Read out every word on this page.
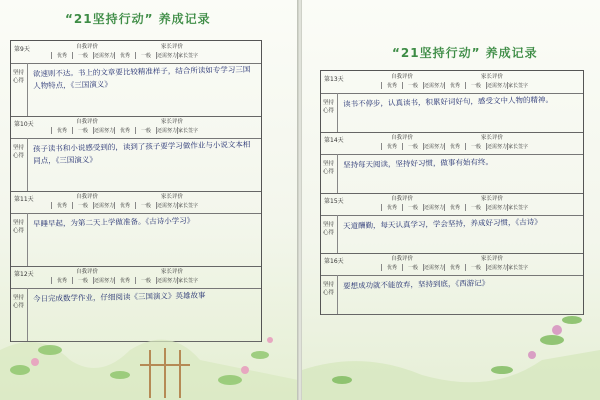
“21坚持行动” 养成记录
第9天	自我评价	家长评价
优秀	一般	还需努力	优秀	一般	还需努力 家长签字
坚持心得
欲速则不达。书上的文章要比较精准样子，结合所读如专学习三国人物特点，《三国演义》
第10天	自我评价	家长评价
优秀	一般	还需努力	优秀	一般	还需努力 家长签字
坚持心得
孩子读书和小说感受到的，读到了孩子要学习做作业与小说文本相同点，《三国演义》
第11天	自我评价	家长评价
优秀	一般	还需努力	优秀	一般	还需努力 家长签字
坚持心得
早睡早起，为第二天上学做准备。《古诗小学习》
第12天	自我评价	家长评价
优秀	一般	还需努力	优秀	一般	还需努力 家长签字
坚持心得
今日完成数学作业，仔细阅读《三国演义》英雄故事
“21坚持行动” 养成记录
第13天	自我评价	家长评价
优秀	一般	还需努力	优秀	一般	还需努力 家长签字
坚持心得
读书不停步，认真读书，积累好词好句，感受文中人物的精神。
第14天	自我评价	家长评价
优秀	一般	还需努力	优秀	一般	还需努力 家长签字
坚持心得
坚持每天阅读，坚持好习惯，做事有始有终。
第15天	自我评价	家长评价
优秀	一般	还需努力	优秀	一般	还需努力 家长签字
坚持心得
天道酬勤，每天认真学习，学会坚持，养成好习惯，《古诗》
第16天	自我评价	家长评价
优秀	一般	还需努力	优秀	一般	还需努力 家长签字
坚持心得
要想成功就不能放弃，坚持到底，《西游记》
